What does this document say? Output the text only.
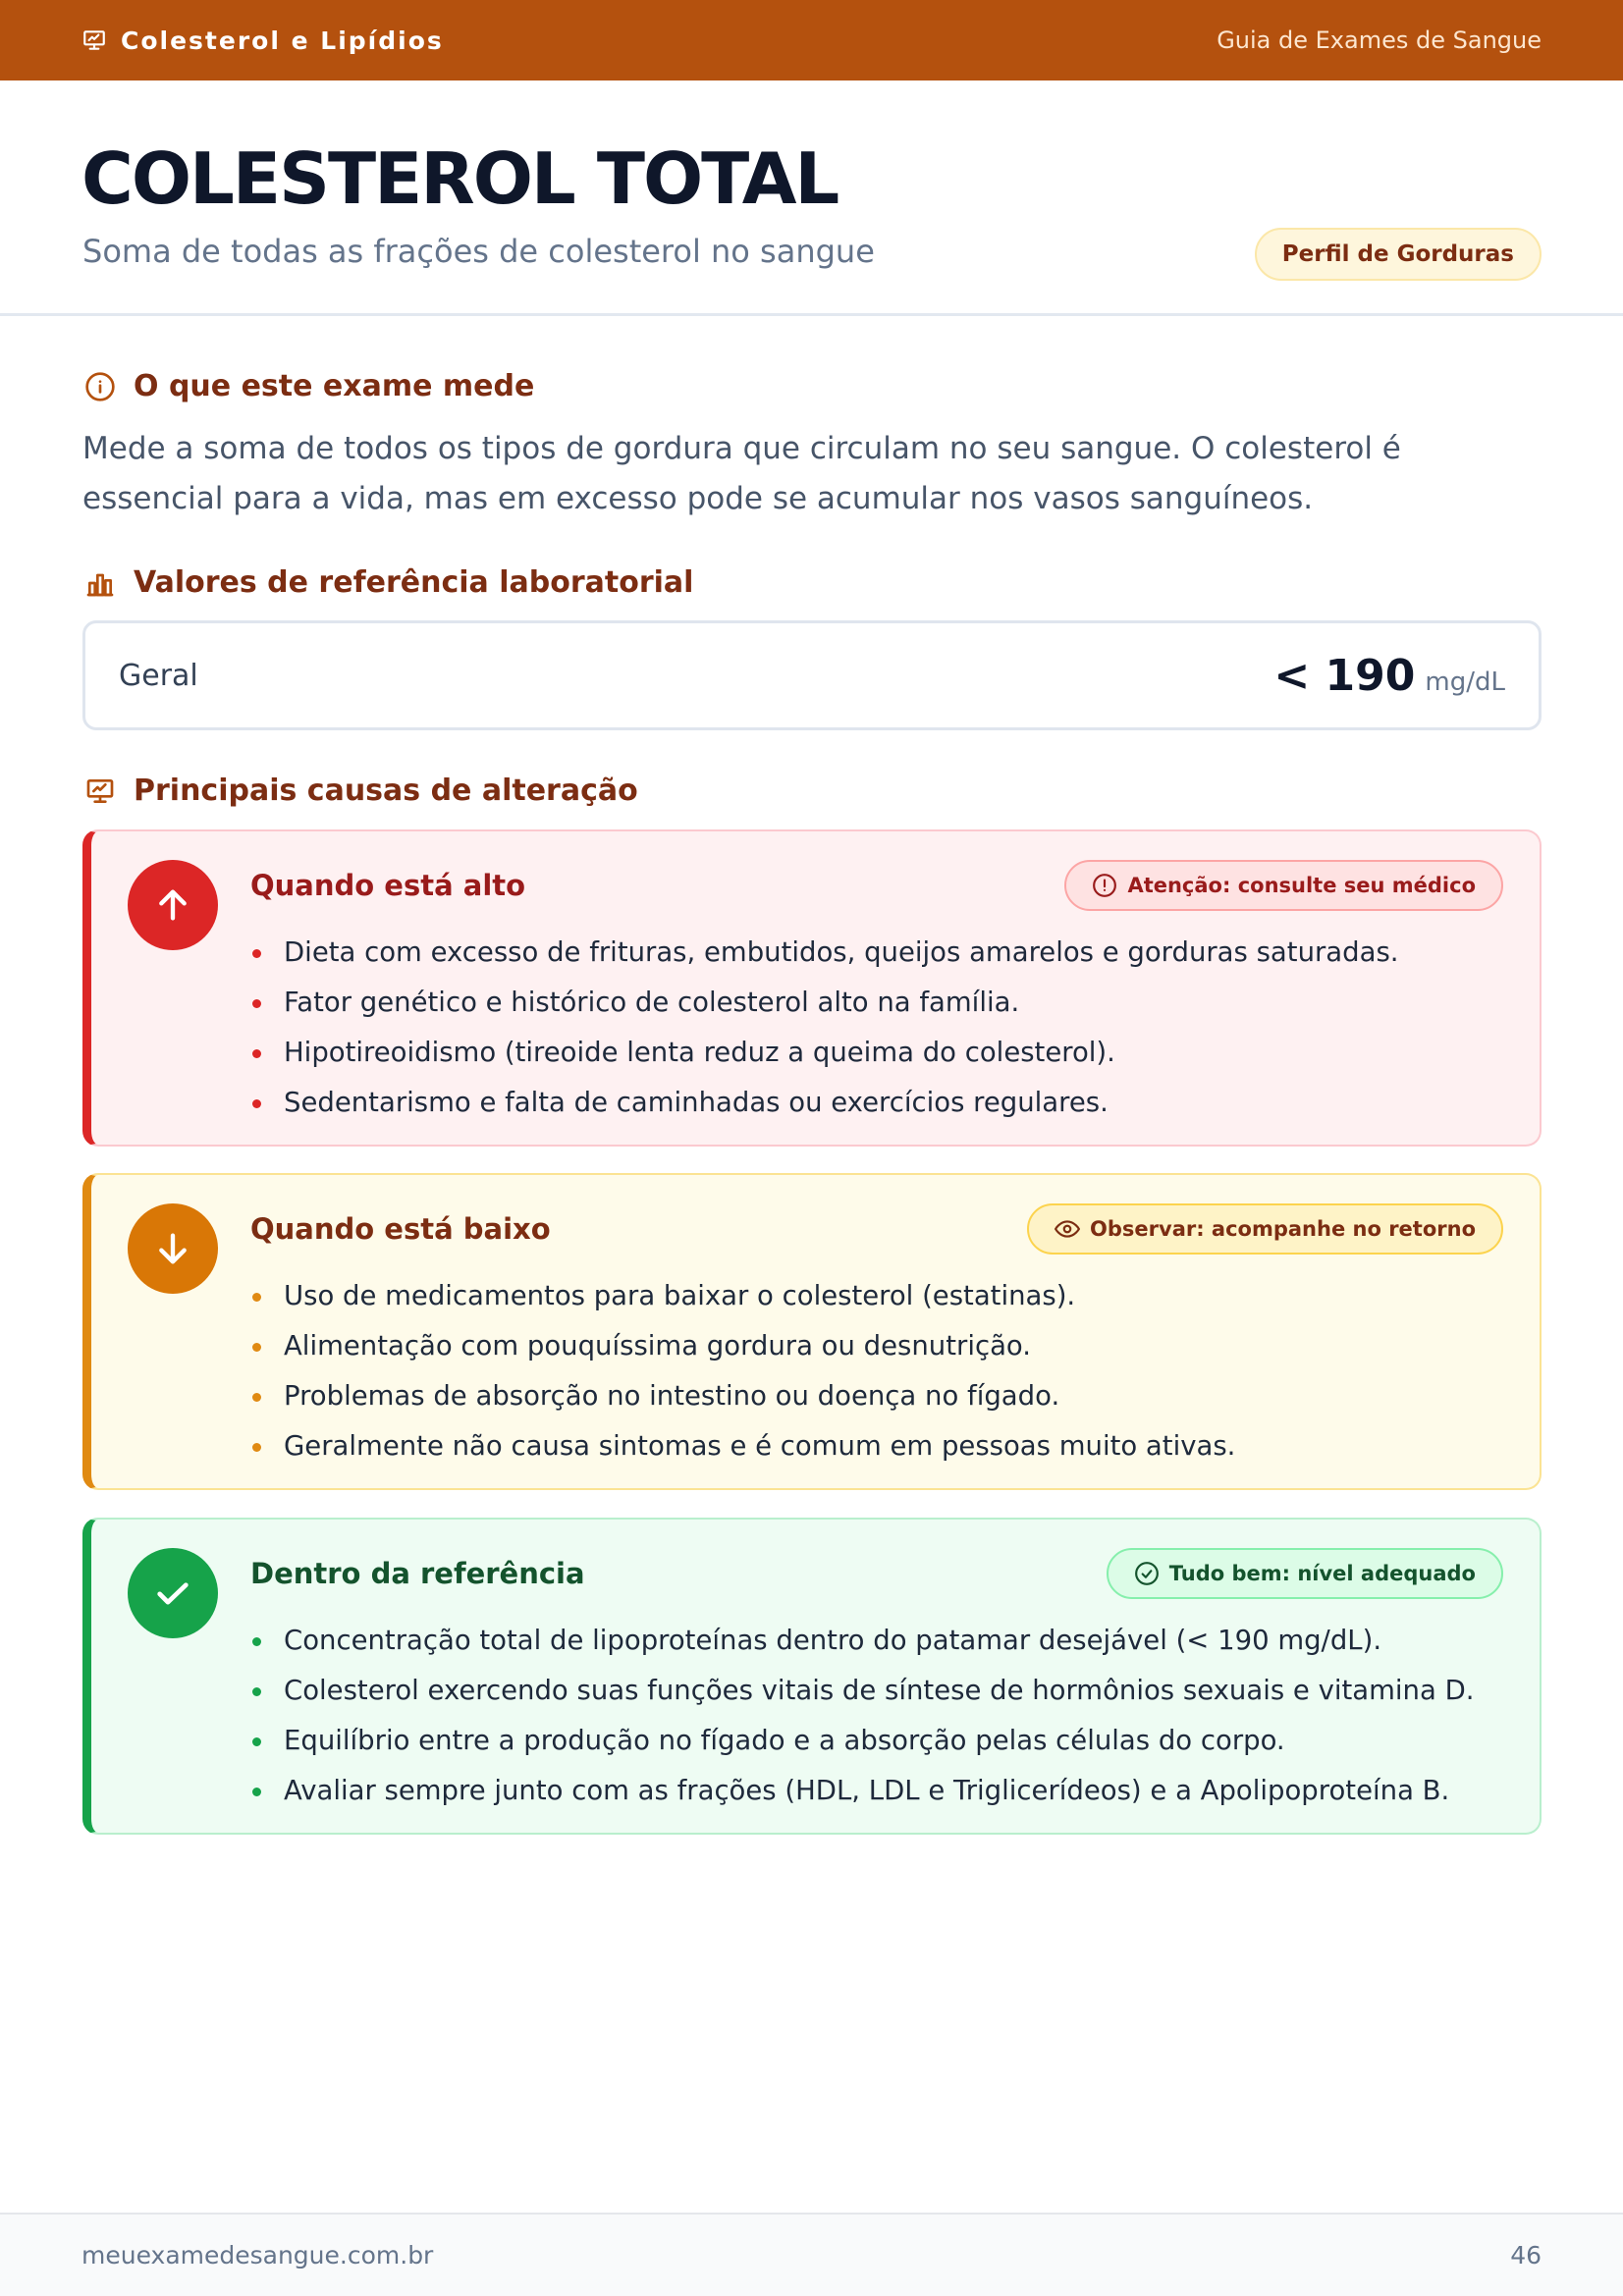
Colesterol e Lipídios	Guia de Exames de Sangue
COLESTEROL TOTAL

Soma de todas as frações de colesterol no sangue	Perfil de Gorduras
O que este exame mede

Mede a soma de todos os tipos de gordura que circulam no seu sangue. O colesterol é essencial para a vida, mas em excesso pode se acumular nos vasos sanguíneos.

Valores de referência laboratorial
Geral	< 190 mg/dL
Principais causas de alteração
Quando está alto	Atenção: consulte seu médico
Dieta com excesso de frituras, embutidos, queijos amarelos e gorduras saturadas.
Fator genético e histórico de colesterol alto na família.
Hipotireoidismo (tireoide lenta reduz a queima do colesterol).
Sedentarismo e falta de caminhadas ou exercícios regulares.
Quando está baixo	Observar: acompanhe no retorno
Uso de medicamentos para baixar o colesterol (estatinas).
Alimentação com pouquíssima gordura ou desnutrição.
Problemas de absorção no intestino ou doença no fígado.
Geralmente não causa sintomas e é comum em pessoas muito ativas.
Dentro da referência	Tudo bem: nível adequado
Concentração total de lipoproteínas dentro do patamar desejável (< 190 mg/dL).
Colesterol exercendo suas funções vitais de síntese de hormônios sexuais e vitamina D.
Equilíbrio entre a produção no fígado e a absorção pelas células do corpo.
Avaliar sempre junto com as frações (HDL, LDL e Triglicerídeos) e a Apolipoproteína B.
meuexamedesangue.com.br	46
